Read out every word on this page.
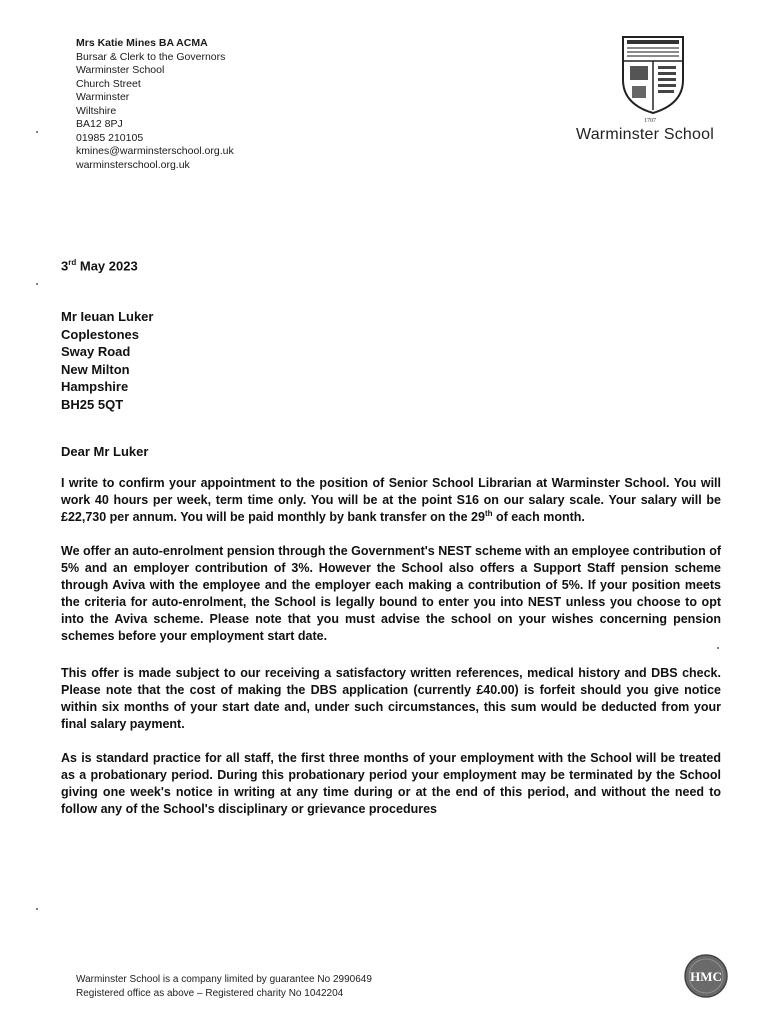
Mrs Katie Mines BA ACMA
Bursar & Clerk to the Governors
Warminster School
Church Street
Warminster
Wiltshire
BA12 8PJ
01985 210105
kmines@warminsterschool.org.uk
warminsterschool.org.uk
1707
Warminster School
3rd May 2023
Mr Ieuan Luker
Coplestones
Sway Road
New Milton
Hampshire
BH25 5QT
Dear Mr Luker
I write to confirm your appointment to the position of Senior School Librarian at Warminster School. You will work 40 hours per week, term time only. You will be at the point S16 on our salary scale. Your salary will be £22,730 per annum. You will be paid monthly by bank transfer on the 29th of each month.
We offer an auto-enrolment pension through the Government's NEST scheme with an employee contribution of 5% and an employer contribution of 3%. However the School also offers a Support Staff pension scheme through Aviva with the employee and the employer each making a contribution of 5%. If your position meets the criteria for auto-enrolment, the School is legally bound to enter you into NEST unless you choose to opt into the Aviva scheme. Please note that you must advise the school on your wishes concerning pension schemes before your employment start date.
This offer is made subject to our receiving a satisfactory written references, medical history and DBS check. Please note that the cost of making the DBS application (currently £40.00) is forfeit should you give notice within six months of your start date and, under such circumstances, this sum would be deducted from your final salary payment.
As is standard practice for all staff, the first three months of your employment with the School will be treated as a probationary period. During this probationary period your employment may be terminated by the School giving one week's notice in writing at any time during or at the end of this period, and without the need to follow any of the School's disciplinary or grievance procedures
Warminster School is a company limited by guarantee No 2990649
Registered office as above – Registered charity No 1042204
HMC
